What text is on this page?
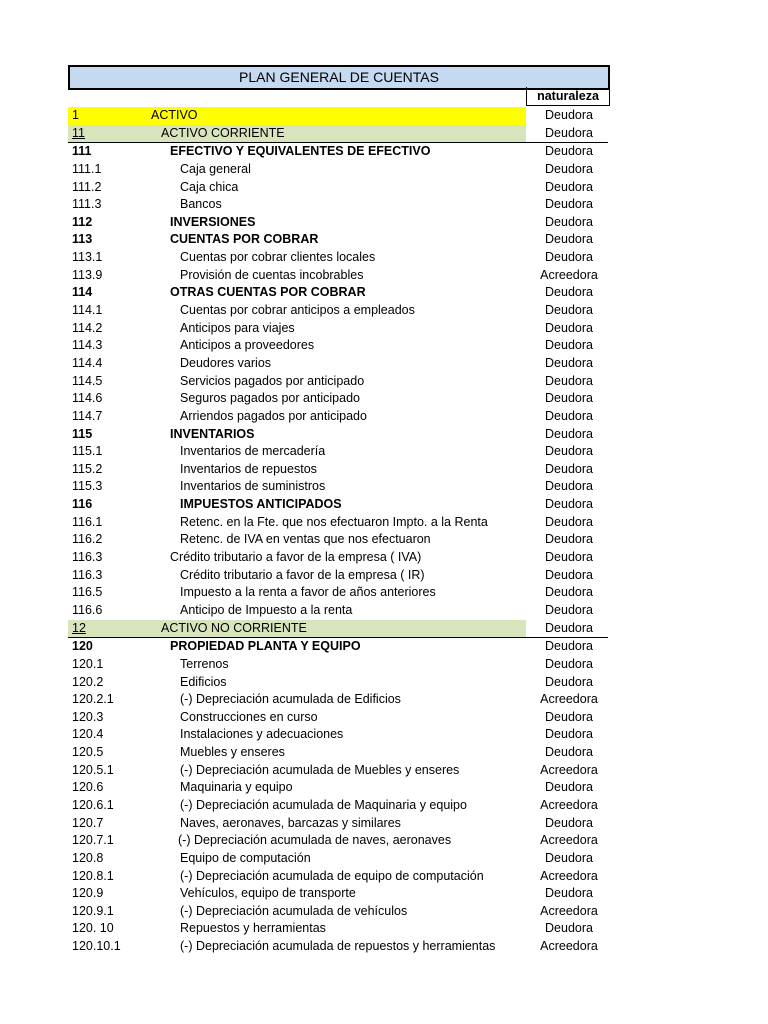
PLAN GENERAL DE CUENTAS
naturaleza
1	ACTIVO	Deudora
11	ACTIVO CORRIENTE	Deudora
111	EFECTIVO Y EQUIVALENTES DE EFECTIVO	Deudora
111.1	Caja general	Deudora
111.2	Caja chica	Deudora
111.3	Bancos	Deudora
112	INVERSIONES	Deudora
113	CUENTAS POR COBRAR	Deudora
113.1	Cuentas por cobrar clientes locales	Deudora
113.9	Provisión de cuentas incobrables	Acreedora
114	OTRAS CUENTAS POR COBRAR	Deudora
114.1	Cuentas por cobrar anticipos a empleados	Deudora
114.2	Anticipos para viajes	Deudora
114.3	Anticipos a proveedores	Deudora
114.4	Deudores varios	Deudora
114.5	Servicios pagados por anticipado	Deudora
114.6	Seguros pagados por anticipado	Deudora
114.7	Arriendos pagados por anticipado	Deudora
115	INVENTARIOS	Deudora
115.1	Inventarios de mercadería	Deudora
115.2	Inventarios de repuestos	Deudora
115.3	Inventarios de suministros	Deudora
116	IMPUESTOS ANTICIPADOS	Deudora
116.1	Retenc. en la Fte. que nos efectuaron Impto. a la Renta	Deudora
116.2	Retenc. de IVA en ventas que nos efectuaron	Deudora
116.3	Crédito tributario a favor de la empresa ( IVA)	Deudora
116.3	Crédito tributario a favor de la empresa ( IR)	Deudora
116.5	Impuesto a la renta a favor de años anteriores	Deudora
116.6	Anticipo de Impuesto a la renta	Deudora
12	ACTIVO NO CORRIENTE	Deudora
120	PROPIEDAD PLANTA Y EQUIPO	Deudora
120.1	Terrenos	Deudora
120.2	Edificios	Deudora
120.2.1	(-) Depreciación acumulada de Edificios	Acreedora
120.3	Construcciones en curso	Deudora
120.4	Instalaciones y adecuaciones	Deudora
120.5	Muebles y enseres	Deudora
120.5.1	(-) Depreciación acumulada de Muebles y enseres	Acreedora
120.6	Maquinaria y equipo	Deudora
120.6.1	(-) Depreciación acumulada de Maquinaria y equipo	Acreedora
120.7	Naves, aeronaves, barcazas y similares	Deudora
120.7.1	(-) Depreciación acumulada de naves, aeronaves	Acreedora
120.8	Equipo de computación	Deudora
120.8.1	(-) Depreciación acumulada de equipo de computación	Acreedora
120.9	Vehículos, equipo de transporte	Deudora
120.9.1	(-) Depreciación acumulada de vehículos	Acreedora
120. 10	Repuestos y herramientas	Deudora
120.10.1	(-) Depreciación acumulada de repuestos y herramientas	Acreedora
